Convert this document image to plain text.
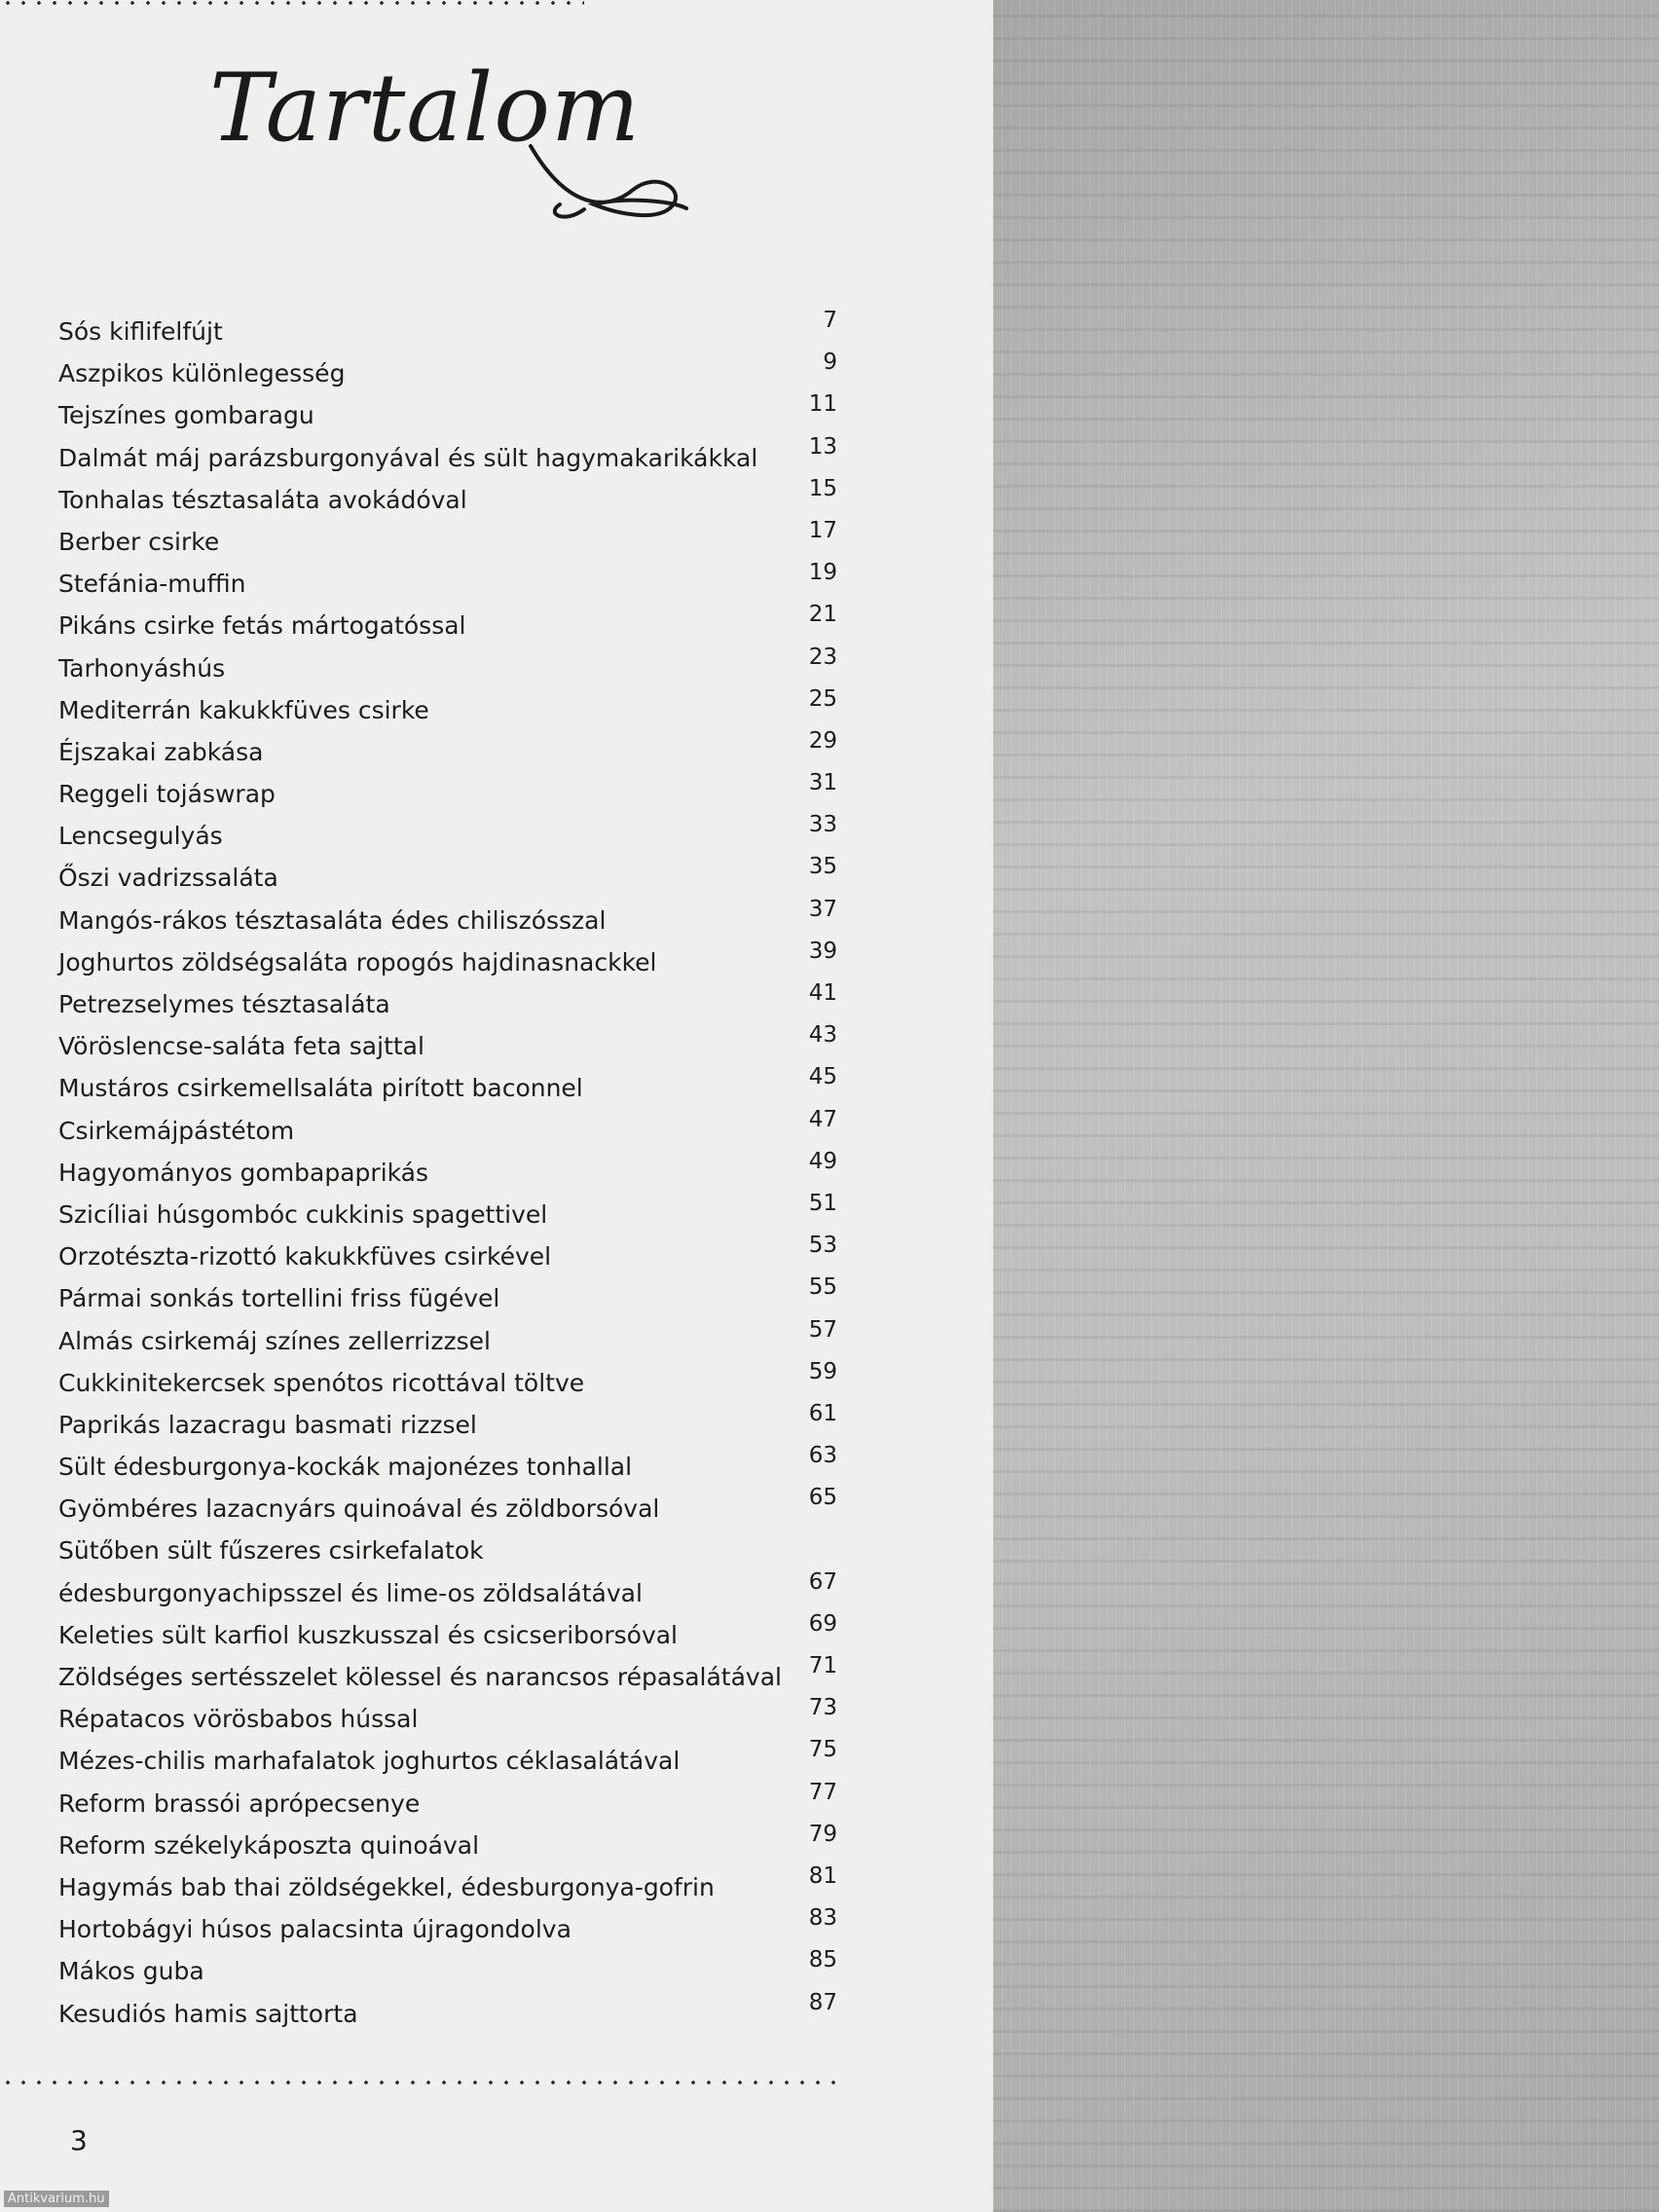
Tartalom
Sós kiflifelfújt	7
Aszpikos különlegesség	9
Tejszínes gombaragu	11
Dalmát máj parázsburgonyával és sült hagymakarikákkal	13
Tonhalas tésztasaláta avokádóval	15
Berber csirke	17
Stefánia-muffin	19
Pikáns csirke fetás mártogatóssal	21
Tarhonyáshús	23
Mediterrán kakukkfüves csirke	25
Éjszakai zabkása	29
Reggeli tojáswrap	31
Lencsegulyás	33
Őszi vadrizssaláta	35
Mangós-rákos tésztasaláta édes chiliszósszal	37
Joghurtos zöldségsaláta ropogós hajdinasnackkel	39
Petrezselymes tésztasaláta	41
Vöröslencse-saláta feta sajttal	43
Mustáros csirkemellsaláta pirított baconnel	45
Csirkemájpástétom	47
Hagyományos gombapaprikás	49
Szicíliai húsgombóc cukkinis spagettivel	51
Orzotészta-rizottó kakukkfüves csirkével	53
Pármai sonkás tortellini friss fügével	55
Almás csirkemáj színes zellerrizzsel	57
Cukkinitekercsek spenótos ricottával töltve	59
Paprikás lazacragu basmati rizzsel	61
Sült édesburgonya-kockák majonézes tonhallal	63
Gyömbéres lazacnyárs quinoával és zöldborsóval	65
Sütőben sült fűszeres csirkefalatok
édesburgonyachipsszel és lime-os zöldsalátával	67
Keleties sült karfiol kuszkusszal és csicseriborsóval	69
Zöldséges sertésszelet kölessel és narancsos répasalátával	71
Répatacos vörösbabos hússal	73
Mézes-chilis marhafalatok joghurtos céklasalátával	75
Reform brassói aprópecsenye	77
Reform székelykáposzta quinoával	79
Hagymás bab thai zöldségekkel, édesburgonya-gofrin	81
Hortobágyi húsos palacsinta újragondolva	83
Mákos guba	85
Kesudiós hamis sajttorta	87
3
Antikvarium.hu
